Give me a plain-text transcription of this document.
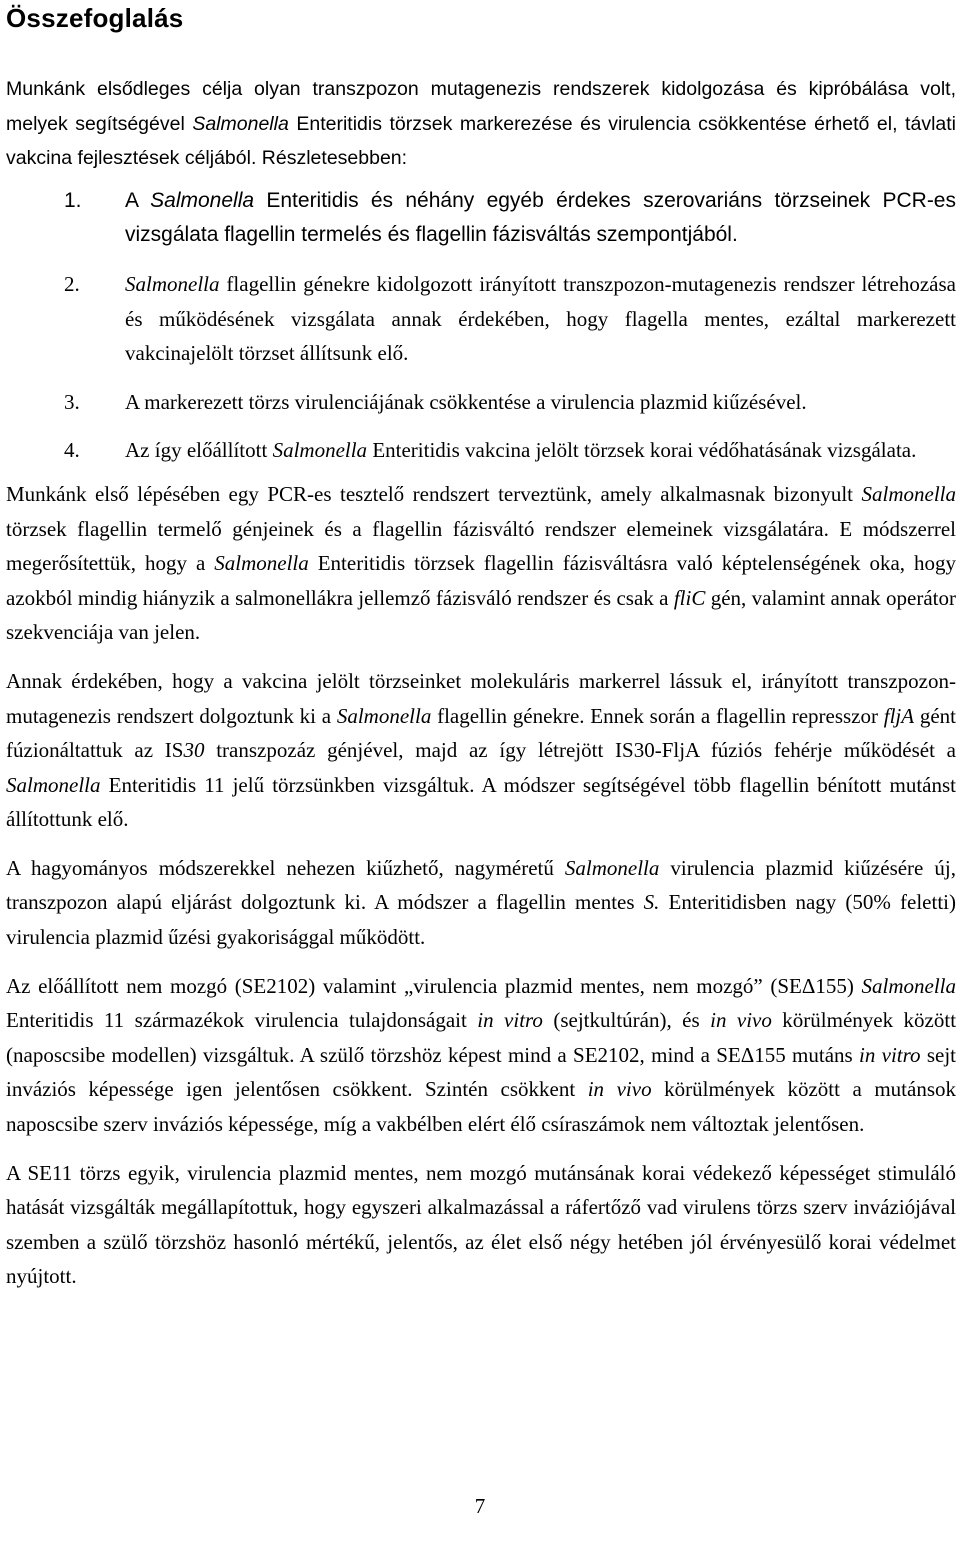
Összefoglalás

Munkánk elsődleges célja olyan transzpozon mutagenezis rendszerek kidolgozása és kipróbálása volt, melyek segítségével Salmonella Enteritidis törzsek markerezése és virulencia csökkentése érhető el, távlati vakcina fejlesztések céljából. Részletesebben:

1. A Salmonella Enteritidis és néhány egyéb érdekes szerovariáns törzseinek PCR-es vizsgálata flagellin termelés és flagellin fázisváltás szempontjából.
2. Salmonella flagellin génekre kidolgozott irányított transzpozon-mutagenezis rendszer létrehozása és működésének vizsgálata annak érdekében, hogy flagella mentes, ezáltal markerezett vakcinajelölt törzset állítsunk elő.
3. A markerezett törzs virulenciájának csökkentése a virulencia plazmid kiűzésével.
4. Az így előállított Salmonella Enteritidis vakcina jelölt törzsek korai védőhatásának vizsgálata.

Munkánk első lépésében egy PCR-es tesztelő rendszert terveztünk, amely alkalmasnak bizonyult Salmonella törzsek flagellin termelő génjeinek és a flagellin fázisváltó rendszer elemeinek vizsgálatára. E módszerrel megerősítettük, hogy a Salmonella Enteritidis törzsek flagellin fázisváltásra való képtelenségének oka, hogy azokból mindig hiányzik a salmonellákra jellemző fázisváló rendszer és csak a fliC gén, valamint annak operátor szekvenciája van jelen.

Annak érdekében, hogy a vakcina jelölt törzseinket molekuláris markerrel lássuk el, irányított transzpozon-mutagenezis rendszert dolgoztunk ki a Salmonella flagellin génekre. Ennek során a flagellin represszor fljA gént fúzionáltattuk az IS30 transzpozáz génjével, majd az így létrejött IS30-FljA fúziós fehérje működését a Salmonella Enteritidis 11 jelű törzsünkben vizsgáltuk. A módszer segítségével több flagellin bénított mutánst állítottunk elő.

A hagyományos módszerekkel nehezen kiűzhető, nagyméretű Salmonella virulencia plazmid kiűzésére új, transzpozon alapú eljárást dolgoztunk ki. A módszer a flagellin mentes S. Enteritidisben nagy (50% feletti) virulencia plazmid űzési gyakorisággal működött.

Az előállított nem mozgó (SE2102) valamint „virulencia plazmid mentes, nem mozgó” (SEΔ155) Salmonella Enteritidis 11 származékok virulencia tulajdonságait in vitro (sejtkultúrán), és in vivo körülmények között (naposcsibe modellen) vizsgáltuk. A szülő törzshöz képest mind a SE2102, mind a SEΔ155 mutáns in vitro sejt inváziós képessége igen jelentősen csökkent. Szintén csökkent in vivo körülmények között a mutánsok naposcsibe szerv inváziós képessége, míg a vakbélben elért élő csíraszámok nem változtak jelentősen.

A SE11 törzs egyik, virulencia plazmid mentes, nem mozgó mutánsának korai védekező képességet stimuláló hatását vizsgálták megállapítottuk, hogy egyszeri alkalmazással a ráfertőző vad virulens törzs szerv inváziójával szemben a szülő törzshöz hasonló mértékű, jelentős, az élet első négy hetében jól érvényesülő korai védelmet nyújtott.

7
